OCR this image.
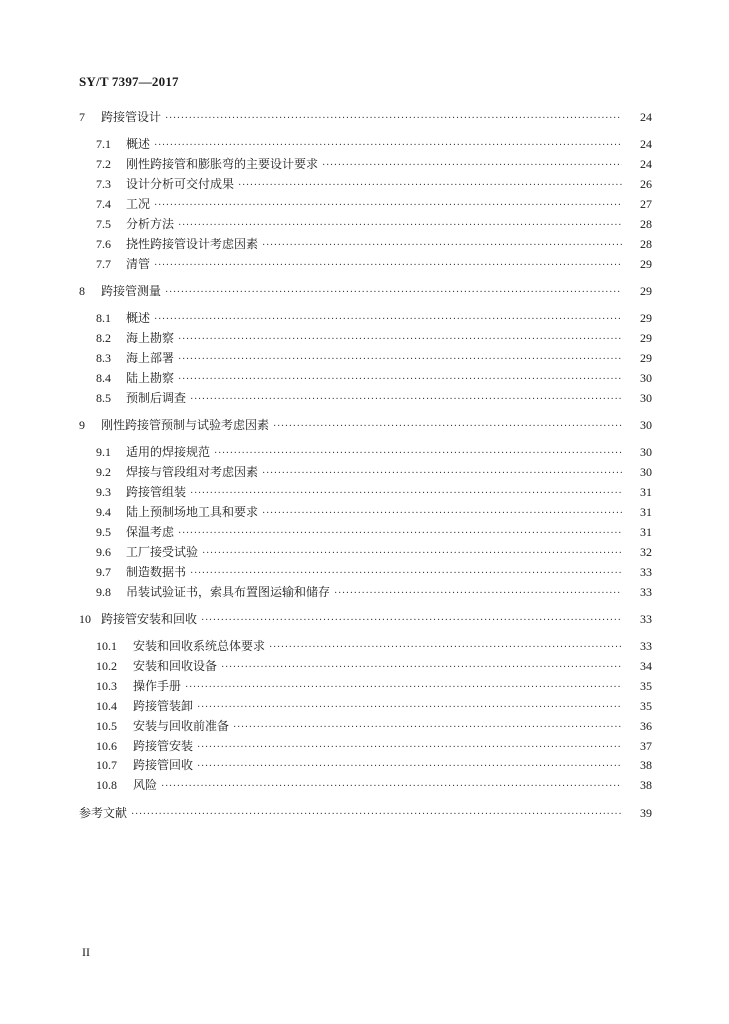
SY/T 7397—2017
7	跨接管设计 ·····	24
7.1	概述 ·····	24
7.2	刚性跨接管和膨胀弯的主要设计要求 ·····	24
7.3	设计分析可交付成果 ·····	26
7.4	工况 ·····	27
7.5	分析方法 ·····	28
7.6	挠性跨接管设计考虑因素 ·····	28
7.7	清管 ·····	29
8	跨接管测量 ·····	29
8.1	概述 ·····	29
8.2	海上勘察 ·····	29
8.3	海上部署 ·····	29
8.4	陆上勘察 ·····	30
8.5	预制后调查 ·····	30
9	刚性跨接管预制与试验考虑因素 ·····	30
9.1	适用的焊接规范 ·····	30
9.2	焊接与管段组对考虑因素 ·····	30
9.3	跨接管组装 ·····	31
9.4	陆上预制场地工具和要求 ·····	31
9.5	保温考虑 ·····	31
9.6	工厂接受试验 ·····	32
9.7	制造数据书 ·····	33
9.8	吊装试验证书，索具布置图运输和储存 ·····	33
10 跨接管安装和回收 ·····	33
10.1	安装和回收系统总体要求 ·····	33
10.2	安装和回收设备 ·····	34
10.3	操作手册 ·····	35
10.4	跨接管装卸 ·····	35
10.5	安装与回收前准备 ·····	36
10.6	跨接管安装 ·····	37
10.7	跨接管回收 ·····	38
10.8	风险 ·····	38
参考文献 ·····	39
II
